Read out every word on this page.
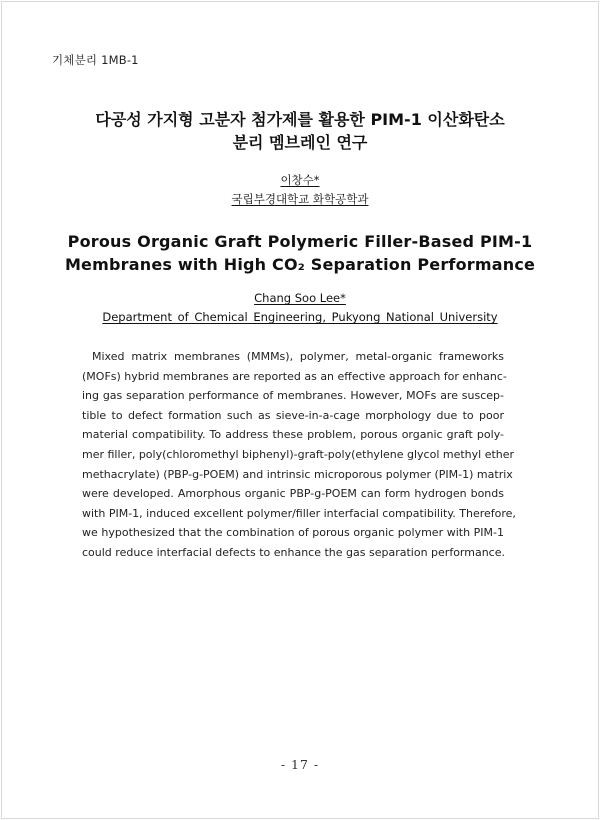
기체분리 1MB-1
다공성 가지형 고분자 첨가제를 활용한 PIM-1 이산화탄소
분리 멤브레인 연구
이창수*
국립부경대학교 화학공학과
Porous Organic Graft Polymeric Filler-Based PIM-1
Membranes with High CO₂ Separation Performance
Chang Soo Lee*
Department of Chemical Engineering, Pukyong National University
Mixed matrix membranes (MMMs), polymer, metal-organic frameworks
(MOFs) hybrid membranes are reported as an effective approach for enhanc-
ing gas separation performance of membranes. However, MOFs are suscep-
tible to defect formation such as sieve-in-a-cage morphology due to poor
material compatibility. To address these problem, porous organic graft poly-
mer filler, poly(chloromethyl biphenyl)-graft-poly(ethylene glycol methyl ether
methacrylate) (PBP-g-POEM) and intrinsic microporous polymer (PIM-1) matrix
were developed. Amorphous organic PBP-g-POEM can form hydrogen bonds
with PIM-1, induced excellent polymer/filler interfacial compatibility. Therefore,
we hypothesized that the combination of porous organic polymer with PIM-1
could reduce interfacial defects to enhance the gas separation performance.
- 17 -
